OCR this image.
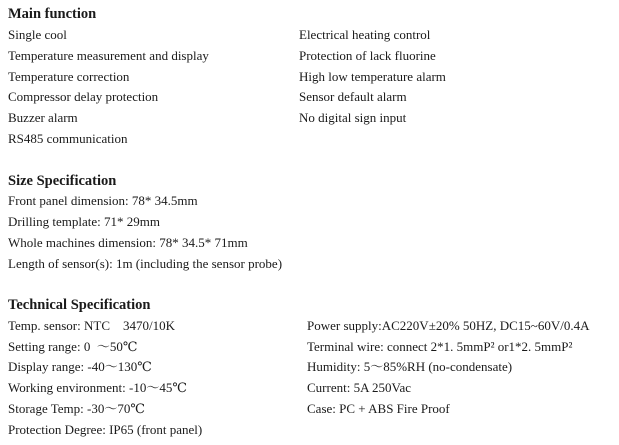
Main function
Single cool
Temperature measurement and display
Temperature correction
Compressor delay protection
Buzzer alarm
RS485 communication
Electrical heating control
Protection of lack fluorine
High low temperature alarm
Sensor default alarm
No digital sign input
Size Specification
Front panel dimension: 78* 34.5mm
Drilling template: 71* 29mm
Whole machines dimension: 78* 34.5* 71mm
Length of sensor(s): 1m (including the sensor probe)
Technical Specification
Temp. sensor: NTC    3470/10K
Setting range: 0  ～50℃
Display range: -40～130℃
Working environment: -10～45℃
Storage Temp: -30～70℃
Protection Degree: IP65 (front panel)
Power supply:AC220V±20% 50HZ, DC15~60V/0.4A
Terminal wire: connect 2*1. 5mmP² or1*2. 5mmP²
Humidity: 5～85%RH (no-condensate)
Current: 5A 250Vac
Case: PC + ABS Fire Proof
